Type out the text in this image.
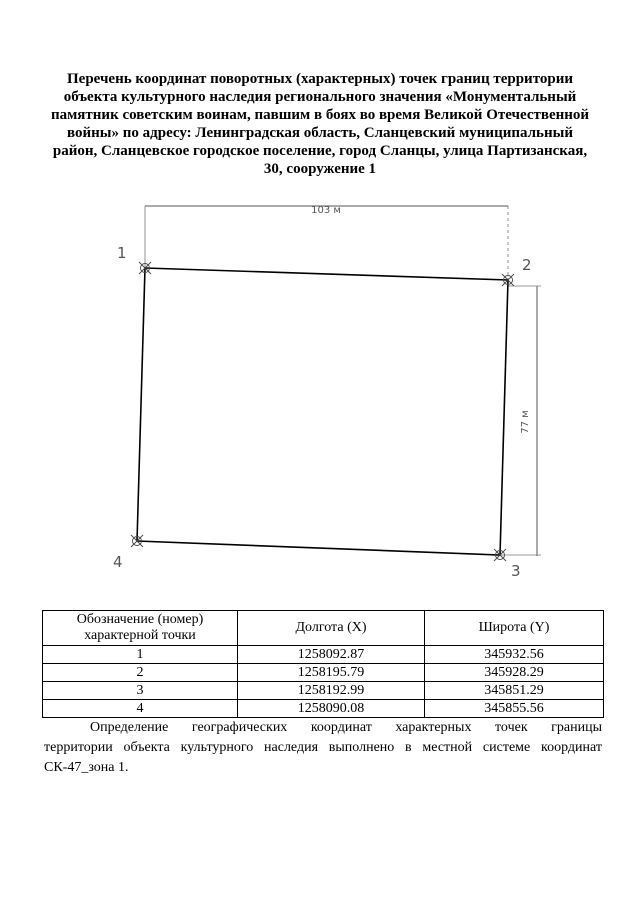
Перечень координат поворотных (характерных) точек границ территории
объекта культурного наследия регионального значения «Монументальный
памятник советским воинам, павшим в боях во время Великой Отечественной
войны» по адресу: Ленинградская область, Сланцевский муниципальный
район, Сланцевское городское поселение, город Сланцы, улица Партизанская,
30, сооружение 1
103 м
77 м
1
2
3
4
Обозначение (номер)
характерной точки	Долгота (X)	Широта (Y)
1	1258092.87	345932.56
2	1258195.79	345928.29
3	1258192.99	345851.29
4	1258090.08	345855.56

Определение географических координат характерных точек границы
территории объекта культурного наследия выполнено в местной системе координат
СК-47_зона 1.
